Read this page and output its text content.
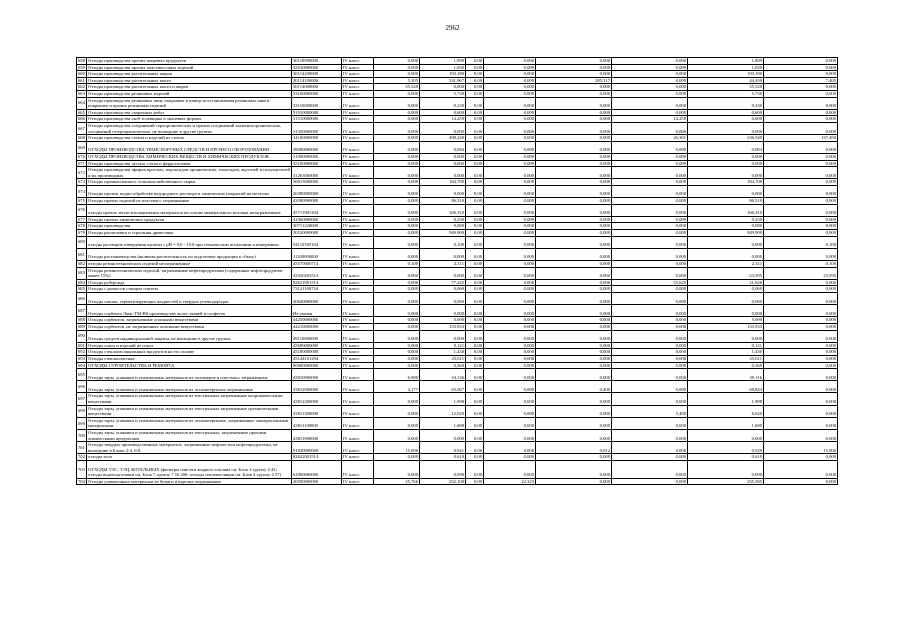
2962
658	Отходы производства прочих пищевых продуктов	30118090000	IV класс	0,000	1,899	0,00	0,000	0,000	0,000	1,899	0,000
659	Отходы производства прочих пластмассовых изделий	33530000000	IV класс	0,000	1,650	0,00	0,000	0,000	0,000	1,650	0,000
660	Отходы производства растительных жиров	30114200000	IV класс	0,000	193,180	0,00	0,000	0,000	0,000	193,180	0,000
661	Отходы производства растительных масел	30114100000	IV класс	5,205	331,967	0,00	0,000	285,317	0,000	44,450	7,405
662	Отходы производства растительных масел и жиров	30114000000	IV класс	55,520	0,000	0,00	0,000	0,000	0,000	55,520	0,000
663	Отходы производства резиновых изделий	33100000000	IV класс	0,000	5,730	0,00	0,000	0,000	0,000	5,730	0,000
664	Отходы производства резиновых шин, покрышек и камер; восстановления резиновых шин и покрышек и прочих резиновых изделий	33110000000	IV класс	0,000	0,230	0,00	0,000	0,000	0,000	0,230	0,000
665	Отходы производства сварочных работ	91910000000	IV класс	0,000	0,600	0,00	0,000	0,000	0,000	0,600	0,000
666	Отходы производства скоб толевщика в эмалевых формах	31510000000	IV класс	0,000	14,259	0,00	0,000	0,000	14,259	0,000	0,000
667	Отходы производства соединений сероорганических и прочих соединений элементоорганических, соединений гетероциклических, не вошедшие в другие группы	31350000000	IV класс	0,000	0,000	0,00	0,000	0,000	0,000	0,000	0,000
668	Отходы производства стекла и изделий из стекла	34100000000	IV класс	0,000	408,240	0,00	0,000	0,000	26,301	236,540	137,490
669	ОТХОДЫ ПРОИЗВОДСТВА ТРАНСПОРТНЫХ СРЕДСТВ И ПРОЧЕГО ОБОРУДОВАНИЯ	38000000000	IV класс	0,000	0,084	0,00	0,000	0,000	0,000	0,084	0,000
670	ОТХОДЫ ПРОИЗВОДСТВА ХИМИЧЕСКИХ ВЕЩЕСТВ И ХИМИЧЕСКИХ ПРОДУКТОВ	31000000000	IV класс	0,000	0,000	0,00	0,000	0,000	0,000	0,000	0,000
671	Отходы производства чугуна, стали и ферросплавов	35100000000	IV класс	0,000	0,000	0,00	0,000	0,000	0,000	0,000	0,000
672	Отходы производства эфиров простых, пероксидов органических, эпоксидов, ацеталей и полуацеталей и их производных	31263000000	IV класс	0,000	0,000	0,00	0,000	0,000	0,000	0,000	0,000
673	Отходы промышленного сельскохозяйственного сырья	30013000000	IV класс	0,000	184,700	0,00	0,000	0,000	0,000	184,700	0,000
674	Отходы против, водно-обработке водородного раствора и химических покрытий на металлы	36390000000	IV класс	0,000	0,000	0,00	0,000	0,000	0,000	0,000	0,000
675	Отходы прочих изделий из пластмасс загрязненные	43390900000	IV класс	0,000	86,510	0,00	0,000	0,000	0,000	86,510	0,000
676	отходы прочих тепло-изоляционных материалов на основе минерального волокна незагрязненные	45711901204	IV класс	0,000	166,310	0,00	0,000	0,000	0,000	166,310	0,000
677	Отходы прочих химических продуктов	41960000000	IV класс	0,000	0,250	0,00	0,000	0,000	0,000	0,250	0,000
678	Отходы производства	30711220000	IV класс	0,000	0,080	0,00	0,000	0,000	0,000	0,080	0,000
679	Отходы распиловки и строгания древесины	30520000000	IV класс	0,000	949,900	0,00	0,000	0,000	0,000	949,900	0,000
680	отходы растворов отвердения щелочи с pH = 9,0 - 10,0 при техническом испытании и измерениях	94110105104	IV класс	0,000	0,100	0,00	0,000	0,000	0,000	0,000	0,100
681	Отходы растениеводства (включая растительность по подготовке продукции к сбыту)	11100000000	IV класс	0,000	0,000	0,00	0,000	0,000	0,000	0,000	0,000
682	отходы резинотехнических изделий незагрязненные	43570000714	IV класс	0,100	2,311	0,00	0,000	0,000	0,000	2,311	0,100
683	Отходы резинотехнических изделий, загрязненные нефтепродуктами (содержание нефтепродуктов менее 15%)	43320202514	IV класс	0,000	0,000	0,00	0,000	0,000	0,000	-23,595	23,595
684	Отходы рубероида	82621001514	IV класс	0,000	77,245	0,00	0,000	0,000	55,625	21,620	0,000
685	Отходы с разносов станции синтеза	73121100724	IV класс	0,000	0,060	0,00	0,000	0,000	0,000	0,060	0,000
686	Отходы смазок, герметизирующих жидкостей и твердых углеводородов	40640000000	IV класс	0,000	0,060	0,00	0,000	0,000	0,000	0,060	0,000
687	Отходы сорбента Линг-ТМ-ВS производства полос тканей и салфеток	Не указан	IV класс	0,000	0,000	0,00	0,000	0,000	0,000	0,000	0,000
688	Отходы сорбентов, загрязненные опасными веществами	44250000000	IV класс	0,000	5,690	0,00	0,000	0,000	0,000	5,690	0,000
689	Отходы сорбентов, не загрязненных опасными веществами	44210000000	IV класс	0,000	133,933	0,00	0,000	0,000	0,000	133,933	0,000
690	Отходы средств индивидуальной защиты, не вошедшие в другие группы	49110000000	IV класс	0,000	0,000	0,00	0,000	0,000	0,000	0,000	0,000
691	Отходы сокол и изделий из сокол	45600000000	IV класс	0,000	0,121	0,00	0,000	0,000	0,000	0,121	0,000
692	Отходы стеклоизоляционных продуктов на его основе	45100000000	IV класс	0,000	1,430	0,00	0,000	0,000	0,000	1,430	0,000
693	Отходы стеклопластика	45144101294	IV класс	0,000	25,611	0,00	0,000	0,000	0,000	25,611	0,000
694	ОТХОДЫ СТРОИТЕЛЬСТВА И РЕМОНТА	80000000000	IV класс	0,000	0,369	0,00	0,000	0,000	0,000	0,369	0,000
695	Отходы тары, упаковки и упаковочных материалов из полимеров и пластмасс загрязненные	43810900000	IV класс	6,980	34,136	0,00	0,000	0,000	0,000	39,116	0,000
696	Отходы тары, упаковки и упаковочных материалов из лесоматериалов загрязненные	43812000000	IV класс	4,177	65,067	0,00	0,000	0,400	0,000	68,844	0,000
697	Отходы тары, упаковки и упаковочных материалов из текстильных загрязненные неорганическими веществами	43812200000	IV класс	0,000	1,998	0,00	0,000	0,000	0,000	1,998	0,000
698	Отходы тары, упаковки и упаковочных материалов из текстильных загрязненные органическими веществами	43811300000	IV класс	0,000	12,020	0,00	0,000	0,000	5,400	6,620	0,000
699	Отходы тары, упаковки и упаковочных материалов из лесоматериалов, загрязненные лакокрасочными материалами	43811100000	IV класс	0,000	1,680	0,00	0,000	0,000	0,000	1,680	0,000
700	Отходы тары, упаковки и упаковочных материалов из текстильных, загрязненные прочими химическими продуктами	43811900000	IV класс	0,000	0,000	0,00	0,000	0,000	0,000	0,000	0,000
701	Отходы твердых производственных материалов, загрязненные нефтью или нефтепродуктами, не вошедшие в Блоки 2-4, 6-8	91920000000	IV класс	15,000	0,941	0,00	0,000	0,012	0,000	0,929	15,000
702	отходы толя	82622001514	IV класс	0,000	0,610	0,00	0,000	0,000	0,000	0,610	0,000
703	ОТХОДЫ ТЭС, ТЭЦ, КОТЕЛЬНЫХ (фильтры очистки жидкого топлива см. Блок 4 группу 4 43; отходы водоподготовки см. Блок 7 группу 7 10 200; отходы теплоизоляции см. Блок 4 группу 4 57)	61000000000	IV класс	0,000	0,090	0,00	0,000	0,000	0,000	0,090	0,000
704	Отходы упаковочных материалов из бумаги и картона загрязненные	40590000000	IV класс	25,766	252,100	0,00	22,323	0,000	0,000	255,595	0,000
